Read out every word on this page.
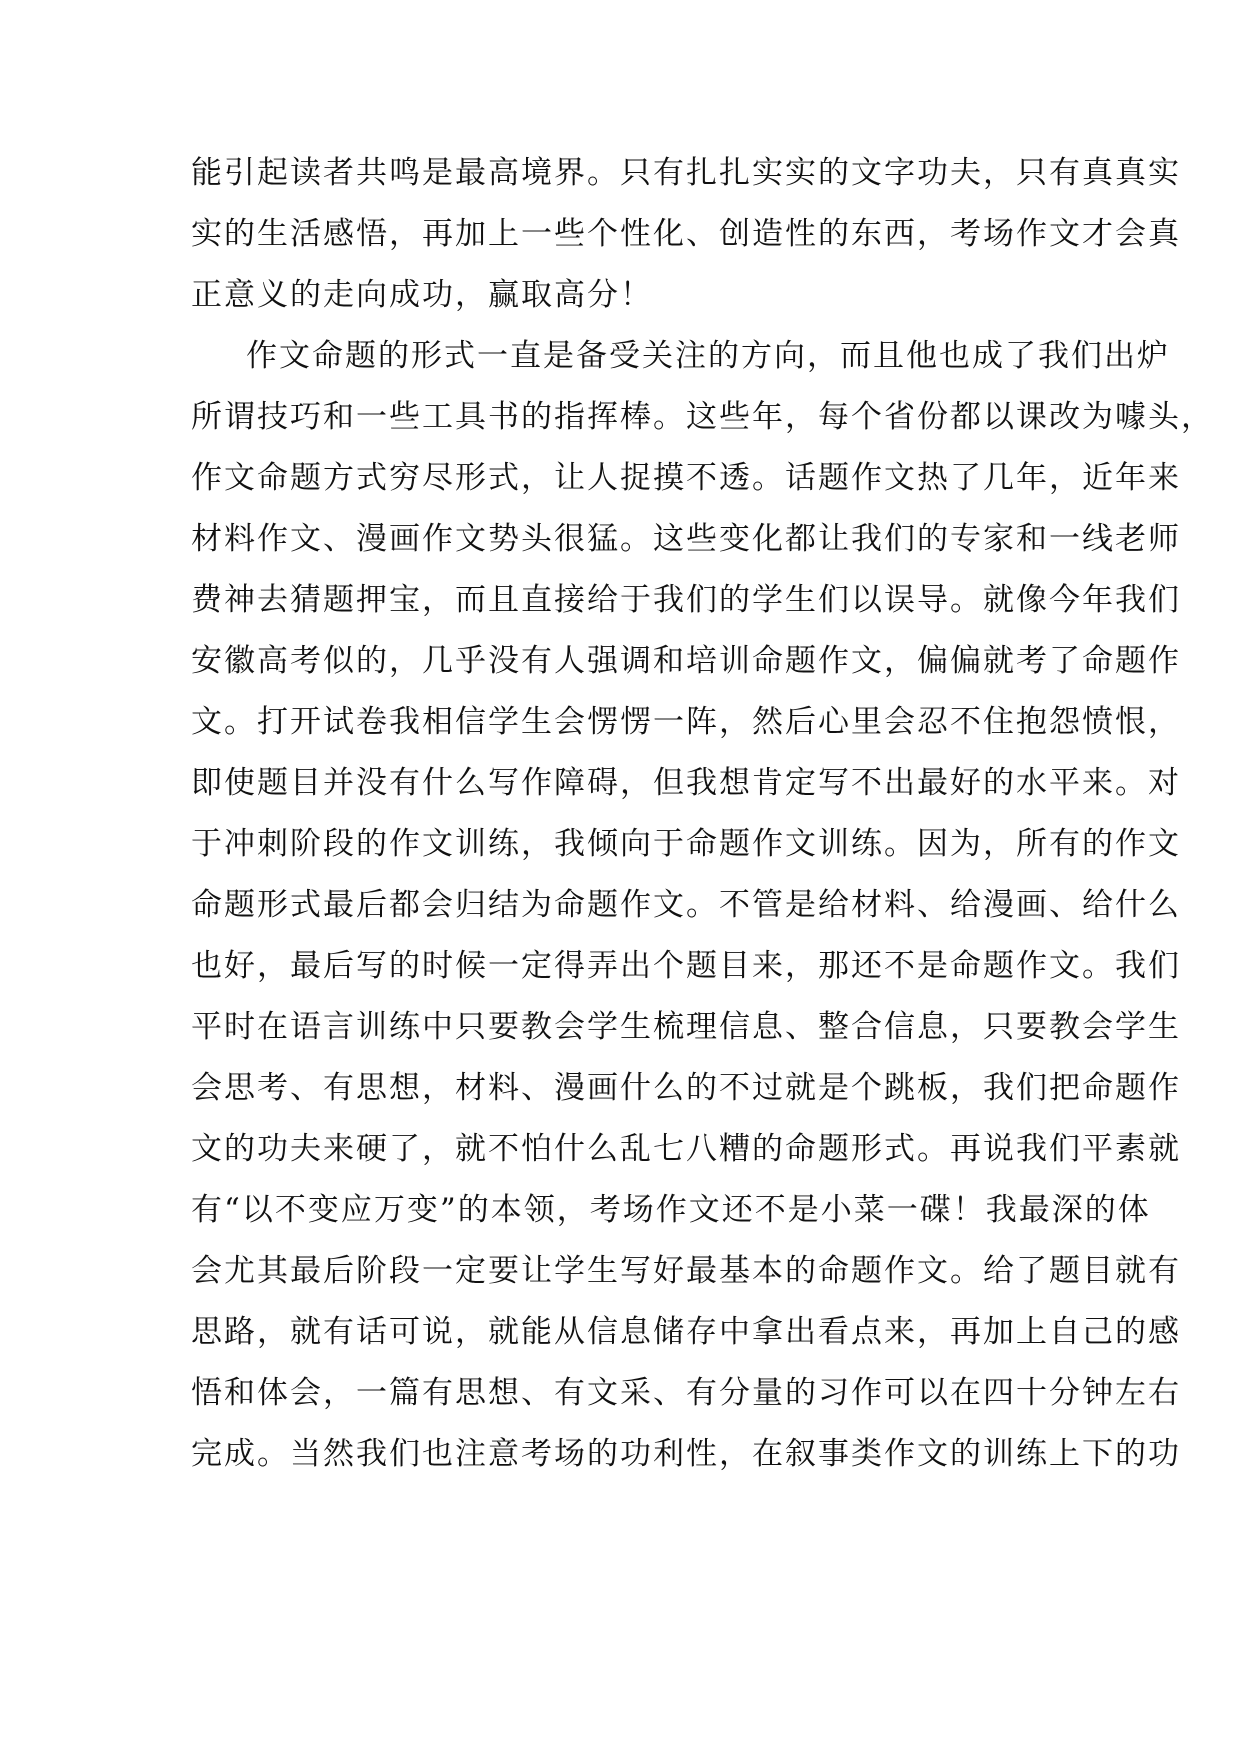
能引起读者共鸣是最高境界。只有扎扎实实的文字功夫，只有真真实
实的生活感悟，再加上一些个性化、创造性的东西，考场作文才会真
正意义的走向成功，赢取高分！
作文命题的形式一直是备受关注的方向，而且他也成了我们出炉
所谓技巧和一些工具书的指挥棒。这些年，每个省份都以课改为噱头，
作文命题方式穷尽形式，让人捉摸不透。话题作文热了几年，近年来
材料作文、漫画作文势头很猛。这些变化都让我们的专家和一线老师
费神去猜题押宝，而且直接给于我们的学生们以误导。就像今年我们
安徽高考似的，几乎没有人强调和培训命题作文，偏偏就考了命题作
文。打开试卷我相信学生会愣愣一阵，然后心里会忍不住抱怨愤恨，
即使题目并没有什么写作障碍，但我想肯定写不出最好的水平来。对
于冲刺阶段的作文训练，我倾向于命题作文训练。因为，所有的作文
命题形式最后都会归结为命题作文。不管是给材料、给漫画、给什么
也好，最后写的时候一定得弄出个题目来，那还不是命题作文。我们
平时在语言训练中只要教会学生梳理信息、整合信息，只要教会学生
会思考、有思想，材料、漫画什么的不过就是个跳板，我们把命题作
文的功夫来硬了，就不怕什么乱七八糟的命题形式。再说我们平素就
有“以不变应万变”的本领，考场作文还不是小菜一碟！我最深的体
会尤其最后阶段一定要让学生写好最基本的命题作文。给了题目就有
思路，就有话可说，就能从信息储存中拿出看点来，再加上自己的感
悟和体会，一篇有思想、有文采、有分量的习作可以在四十分钟左右
完成。当然我们也注意考场的功利性，在叙事类作文的训练上下的功
